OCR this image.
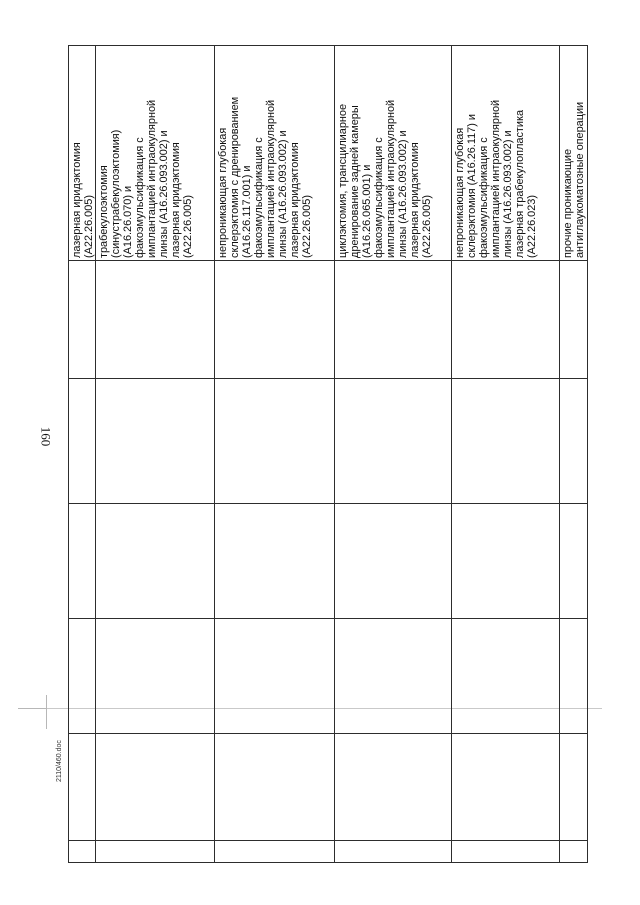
160
2110/460.doc
лазерная иридэктомия (A22.26.005) трабекулоэктомия (синустрабекулоэктомия) (A16.26.070) и факоэмульсификация с имплантацией интраокулярной линзы (A16.26.093.002) и лазерная иридэктомия (A22.26.005) непроникающая глубокая склерэктомия с дренированием (A16.26.117.001) и факоэмульсификация с имплантацией интраокулярной линзы (A16.26.093.002) и лазерная иридэктомия (A22.26.005) циклэктомия, трансцилиарное дренирование задней камеры (A16.26.065.001) и факоэмульсификация с имплантацией интраокулярной линзы (A16.26.093.002) и лазерная иридэктомия (A22.26.005) непроникающая глубокая склерэктомия (A16.26.117) и факоэмульсификация с имплантацией интраокулярной линзы (A16.26.093.002) и лазерная трабекулопластика (A22.26.023) прочие проникающие антиглаукоматозные операции
